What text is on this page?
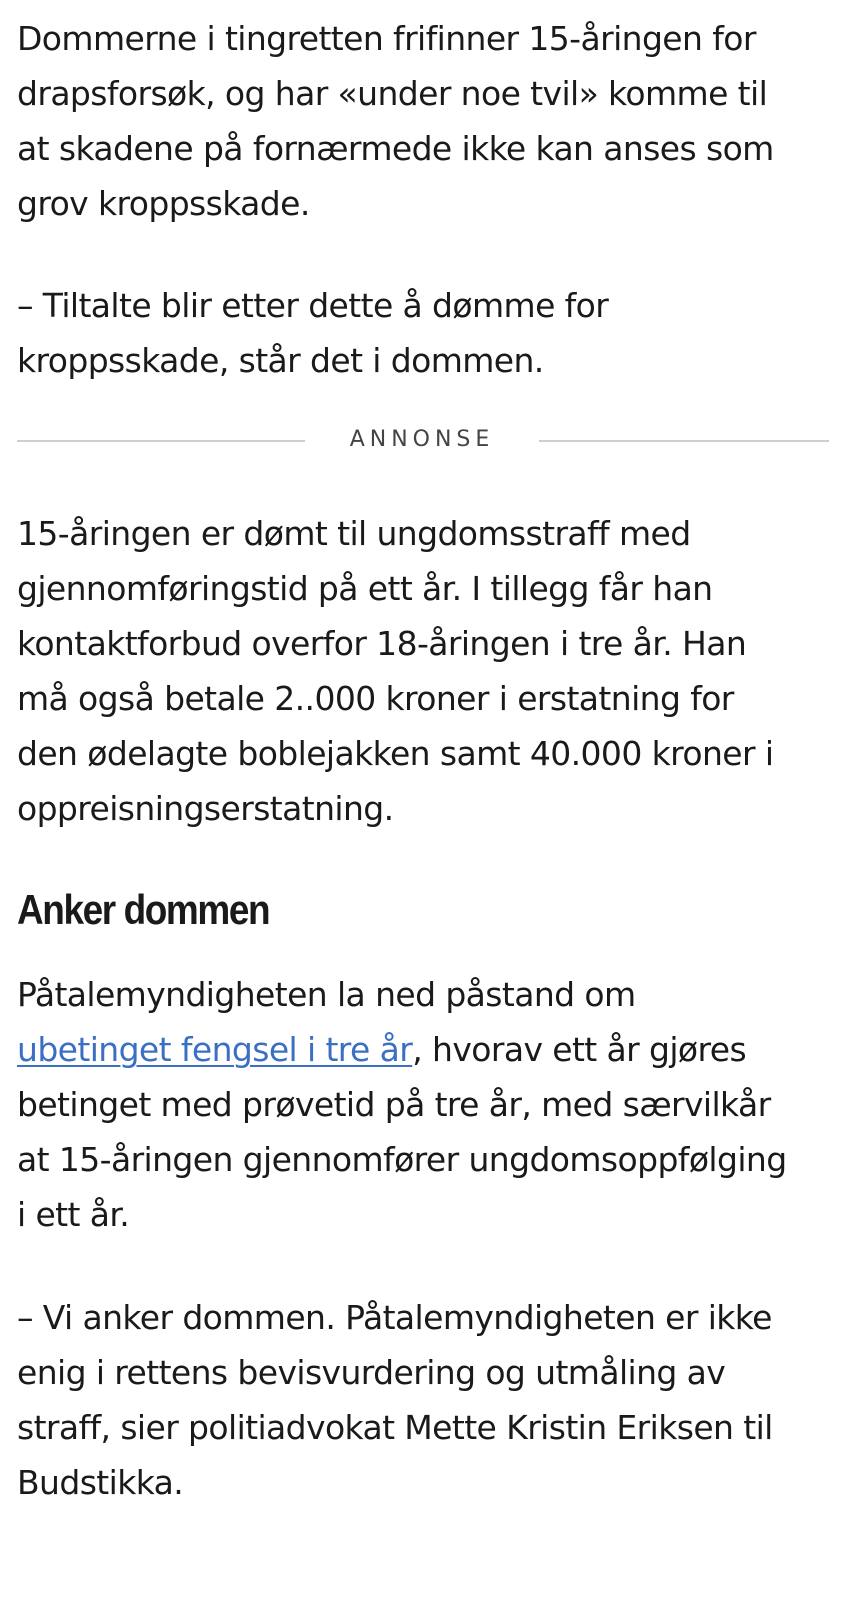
Dommerne i tingretten frifinner 15-åringen for
drapsforsøk, og har «under noe tvil» komme til
at skadene på fornærmede ikke kan anses som
grov kroppsskade.

– Tiltalte blir etter dette å dømme for
kroppsskade, står det i dommen.

ANNONSE

15-åringen er dømt til ungdomsstraff med
gjennomføringstid på ett år. I tillegg får han
kontaktforbud overfor 18-åringen i tre år. Han
må også betale 2..000 kroner i erstatning for
den ødelagte boblejakken samt 40.000 kroner i
oppreisningserstatning.

Anker dommen

Påtalemyndigheten la ned påstand om
ubetinget fengsel i tre år, hvorav ett år gjøres
betinget med prøvetid på tre år, med særvilkår
at 15-åringen gjennomfører ungdomsoppfølging
i ett år.

– Vi anker dommen. Påtalemyndigheten er ikke
enig i rettens bevisvurdering og utmåling av
straff, sier politiadvokat Mette Kristin Eriksen til
Budstikka.
